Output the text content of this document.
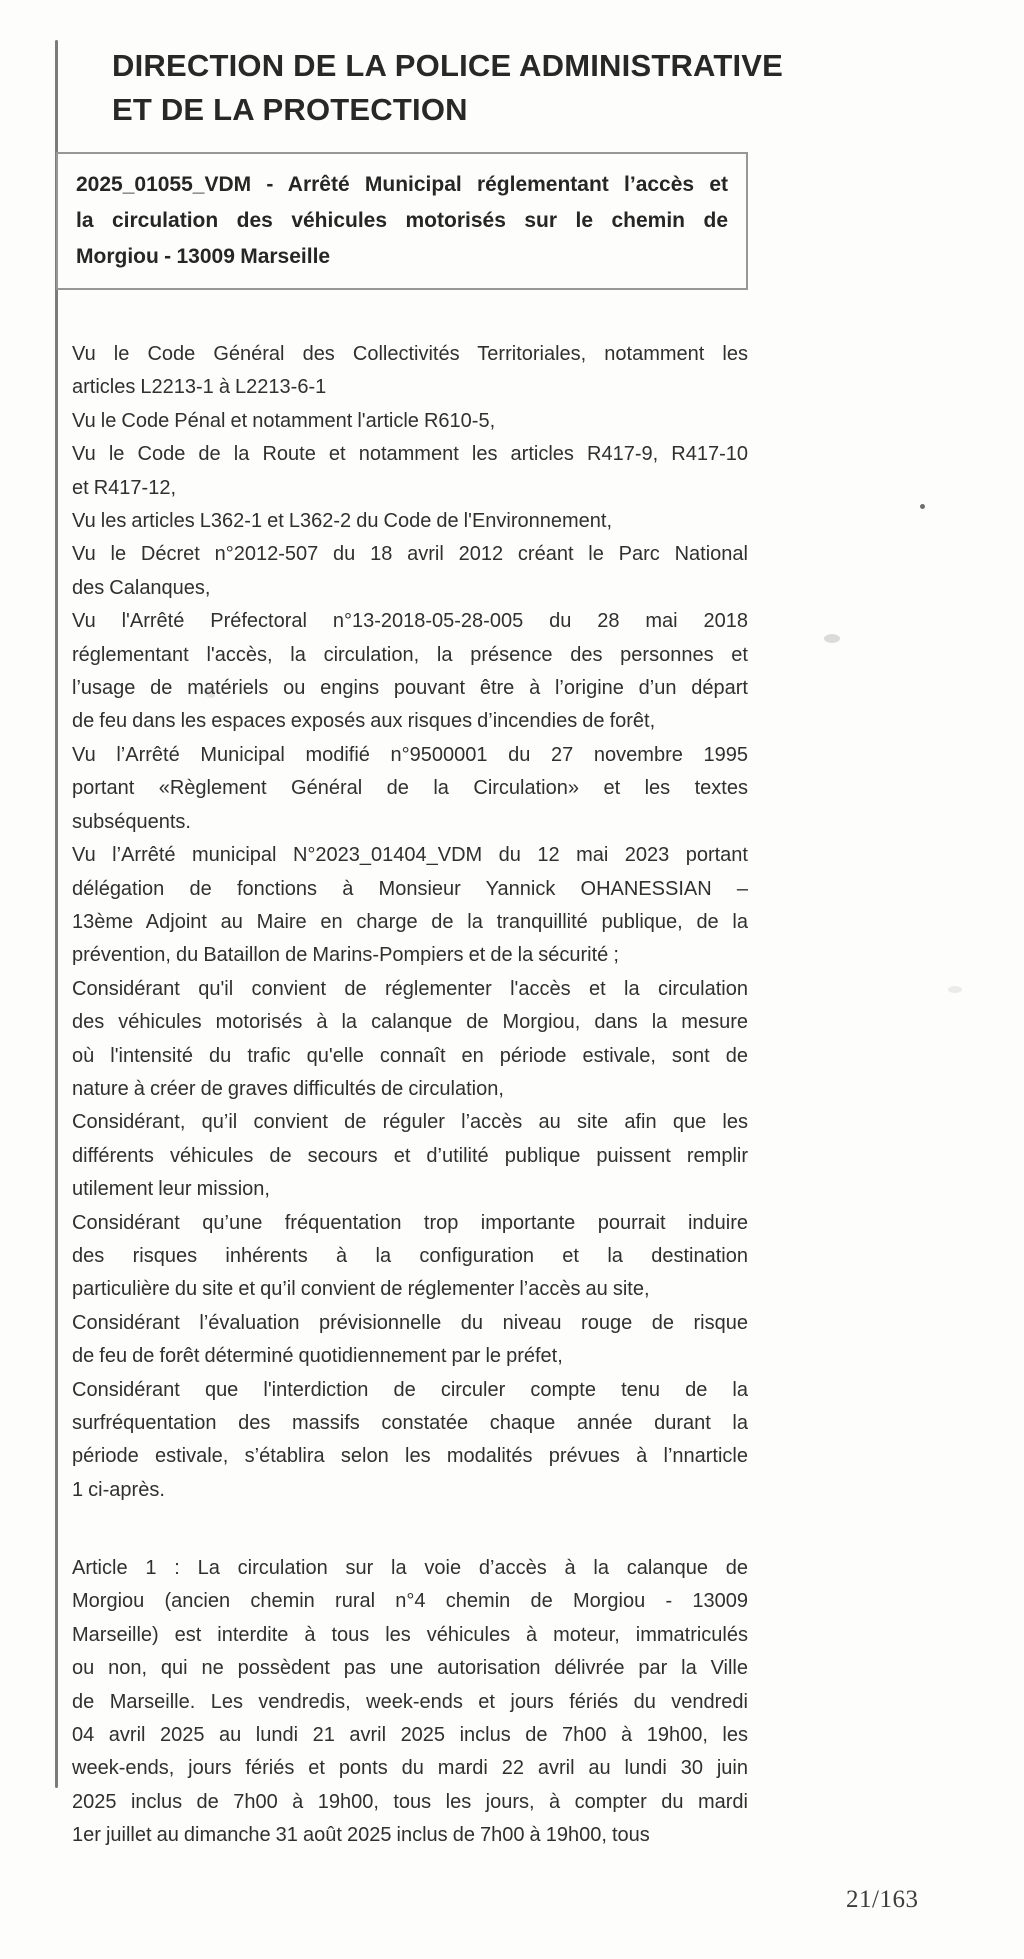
DIRECTION DE LA POLICE ADMINISTRATIVE
ET DE LA PROTECTION
2025_01055_VDM - Arrêté Municipal réglementant l’accès et
la circulation des véhicules motorisés sur le chemin de
Morgiou - 13009 Marseille
Vu le Code Général des Collectivités Territoriales, notamment les
articles L2213-1 à L2213-6-1
Vu le Code Pénal et notamment l'article R610-5,
Vu le Code de la Route et notamment les articles R417-9, R417-10
et R417-12,
Vu les articles L362-1 et L362-2 du Code de l'Environnement,
Vu le Décret n°2012-507 du 18 avril 2012 créant le Parc National
des Calanques,
Vu l'Arrêté Préfectoral n°13-2018-05-28-005 du 28 mai 2018
réglementant l'accès, la circulation, la présence des personnes et
l’usage de matériels ou engins pouvant être à l’origine d’un départ
de feu dans les espaces exposés aux risques d’incendies de forêt,
Vu l’Arrêté Municipal modifié n°9500001 du 27 novembre 1995
portant «Règlement Général de la Circulation» et les textes
subséquents.
Vu l’Arrêté municipal N°2023_01404_VDM du 12 mai 2023 portant
délégation de fonctions à Monsieur Yannick OHANESSIAN –
13ème Adjoint au Maire en charge de la tranquillité publique, de la
prévention, du Bataillon de Marins-Pompiers et de la sécurité ;
Considérant qu'il convient de réglementer l'accès et la circulation
des véhicules motorisés à la calanque de Morgiou, dans la mesure
où l'intensité du trafic qu'elle connaît en période estivale, sont de
nature à créer de graves difficultés de circulation,
Considérant, qu’il convient de réguler l’accès au site afin que les
différents véhicules de secours et d’utilité publique puissent remplir
utilement leur mission,
Considérant qu’une fréquentation trop importante pourrait induire
des risques inhérents à la configuration et la destination
particulière du site et qu’il convient de réglementer l’accès au site,
Considérant l’évaluation prévisionnelle du niveau rouge de risque
de feu de forêt déterminé quotidiennement par le préfet,
Considérant que l'interdiction de circuler compte tenu de la
surfréquentation des massifs constatée chaque année durant la
période estivale, s’établira selon les modalités prévues à l’nnarticle
1 ci-après.
Article 1 : La circulation sur la voie d’accès à la calanque de
Morgiou (ancien chemin rural n°4 chemin de Morgiou - 13009
Marseille) est interdite à tous les véhicules à moteur, immatriculés
ou non, qui ne possèdent pas une autorisation délivrée par la Ville
de Marseille. Les vendredis, week-ends et jours fériés du vendredi
04 avril 2025 au lundi 21 avril 2025 inclus de 7h00 à 19h00, les
week-ends, jours fériés et ponts du mardi 22 avril au lundi 30 juin
2025 inclus de 7h00 à 19h00, tous les jours, à compter du mardi
1er juillet au dimanche 31 août 2025 inclus de 7h00 à 19h00, tous
21/163
